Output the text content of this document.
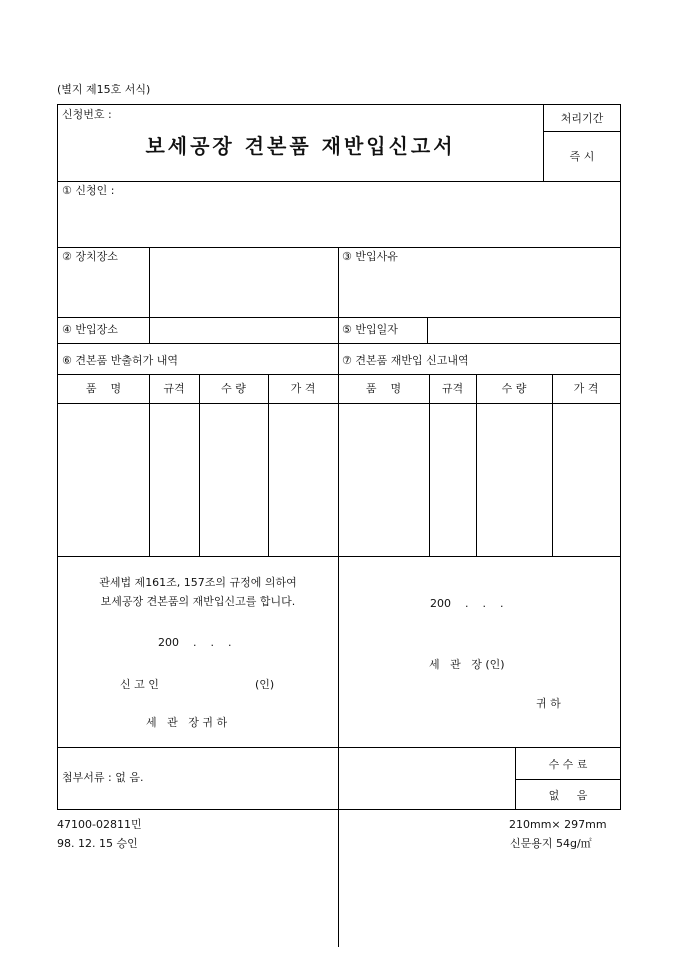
(별지 제15호 서식)
신청번호 :
보세공장 견본품 재반입신고서
처리기간
즉 시
① 신청인 :
② 장치장소	③ 반입사유
④ 반입장소	⑤ 반입일자
⑥ 견본품 반출허가 내역	⑦ 견본품 재반입 신고내역
품    명	규격	수 량	가 격	품    명	규격	수 량	가 격
관세법 제161조, 157조의 규정에 의하여
보세공장 견본품의 재반입신고를 합니다.
200    .    .    .
신 고 인	(인)
세   관   장 귀 하
200    .    .    .
세   관   장 (인)
귀 하
첨부서류 : 없 음.
수 수 료
없     음
47100-02811민
98. 12. 15 승인
210mm× 297mm
신문용지 54g/㎡
